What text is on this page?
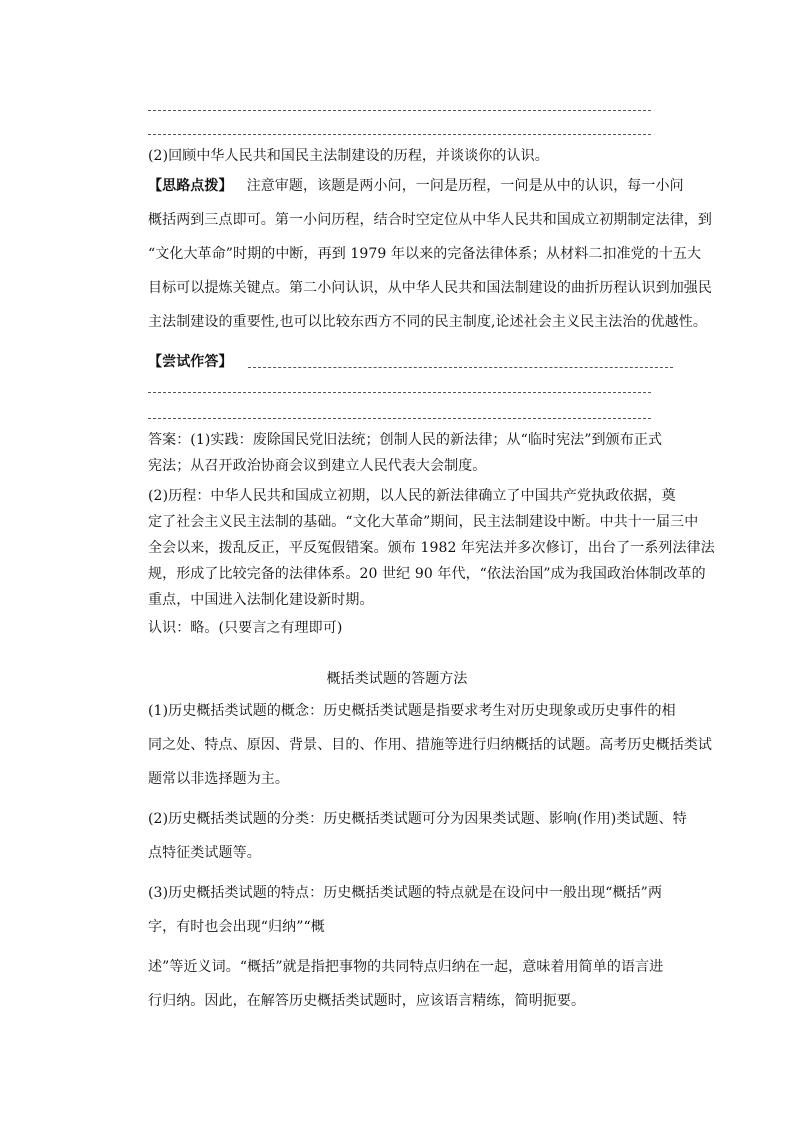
(2)回顾中华人民共和国民主法制建设的历程，并谈谈你的认识。
【思路点拨】 注意审题，该题是两小问，一问是历程，一问是从中的认识，每一小问
概括两到三点即可。第一小问历程，结合时空定位从中华人民共和国成立初期制定法律，到
“文化大革命”时期的中断，再到 1979 年以来的完备法律体系；从材料二扣准党的十五大
目标可以提炼关键点。第二小问认识，从中华人民共和国法制建设的曲折历程认识到加强民
主法制建设的重要性,也可以比较东西方不同的民主制度,论述社会主义民主法治的优越性。
【尝试作答】
答案：(1)实践：废除国民党旧法统；创制人民的新法律；从“临时宪法”到颁布正式
宪法；从召开政治协商会议到建立人民代表大会制度。
(2)历程：中华人民共和国成立初期，以人民的新法律确立了中国共产党执政依据，奠
定了社会主义民主法制的基础。“文化大革命”期间，民主法制建设中断。中共十一届三中
全会以来，拨乱反正，平反冤假错案。颁布 1982 年宪法并多次修订，出台了一系列法律法
规，形成了比较完备的法律体系。20 世纪 90 年代，“依法治国”成为我国政治体制改革的
重点，中国进入法制化建设新时期。
认识：略。(只要言之有理即可)
概括类试题的答题方法
(1)历史概括类试题的概念：历史概括类试题是指要求考生对历史现象或历史事件的相
同之处、特点、原因、背景、目的、作用、措施等进行归纳概括的试题。高考历史概括类试
题常以非选择题为主。
(2)历史概括类试题的分类：历史概括类试题可分为因果类试题、影响(作用)类试题、特
点特征类试题等。
(3)历史概括类试题的特点：历史概括类试题的特点就是在设问中一般出现“概括”两
字，有时也会出现“归纳”“概
述”等近义词。“概括”就是指把事物的共同特点归纳在一起，意味着用简单的语言进
行归纳。因此，在解答历史概括类试题时，应该语言精练，简明扼要。
